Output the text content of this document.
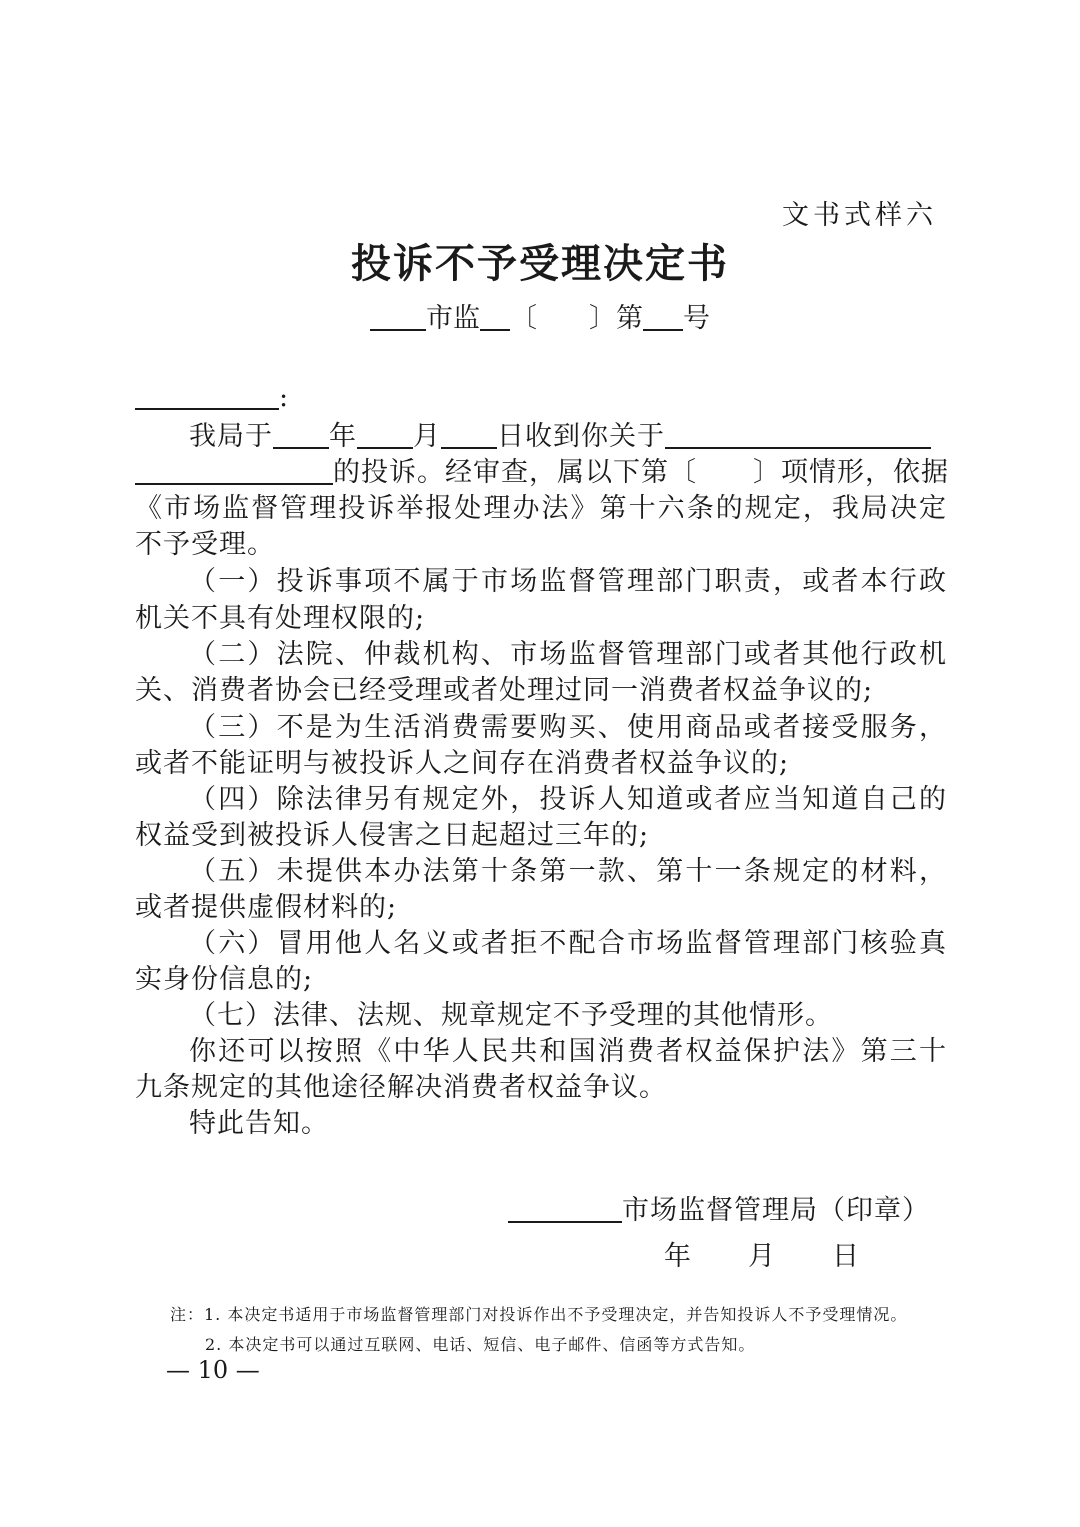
文书式样六
投诉不予受理决定书
市监 〔 〕第 号
:
我局于 年 月 日收到你关于
的投诉。经审查，属以下第〔　　〕项情形，依据
《市场监督管理投诉举报处理办法》第十六条的规定，我局决定
不予受理。
（一）投诉事项不属于市场监督管理部门职责，或者本行政
机关不具有处理权限的;
（二）法院、仲裁机构、市场监督管理部门或者其他行政机
关、消费者协会已经受理或者处理过同一消费者权益争议的;
（三）不是为生活消费需要购买、使用商品或者接受服务，
或者不能证明与被投诉人之间存在消费者权益争议的;
（四）除法律另有规定外，投诉人知道或者应当知道自己的
权益受到被投诉人侵害之日起超过三年的;
（五）未提供本办法第十条第一款、第十一条规定的材料，
或者提供虚假材料的;
（六）冒用他人名义或者拒不配合市场监督管理部门核验真
实身份信息的;
（七）法律、法规、规章规定不予受理的其他情形。
你还可以按照《中华人民共和国消费者权益保护法》第三十
九条规定的其他途径解决消费者权益争议。
特此告知。
市场监督管理局（印章）
年　　月　　日
注：1. 本决定书适用于市场监督管理部门对投诉作出不予受理决定，并告知投诉人不予受理情况。
2. 本决定书可以通过互联网、电话、短信、电子邮件、信函等方式告知。
— 10 —
